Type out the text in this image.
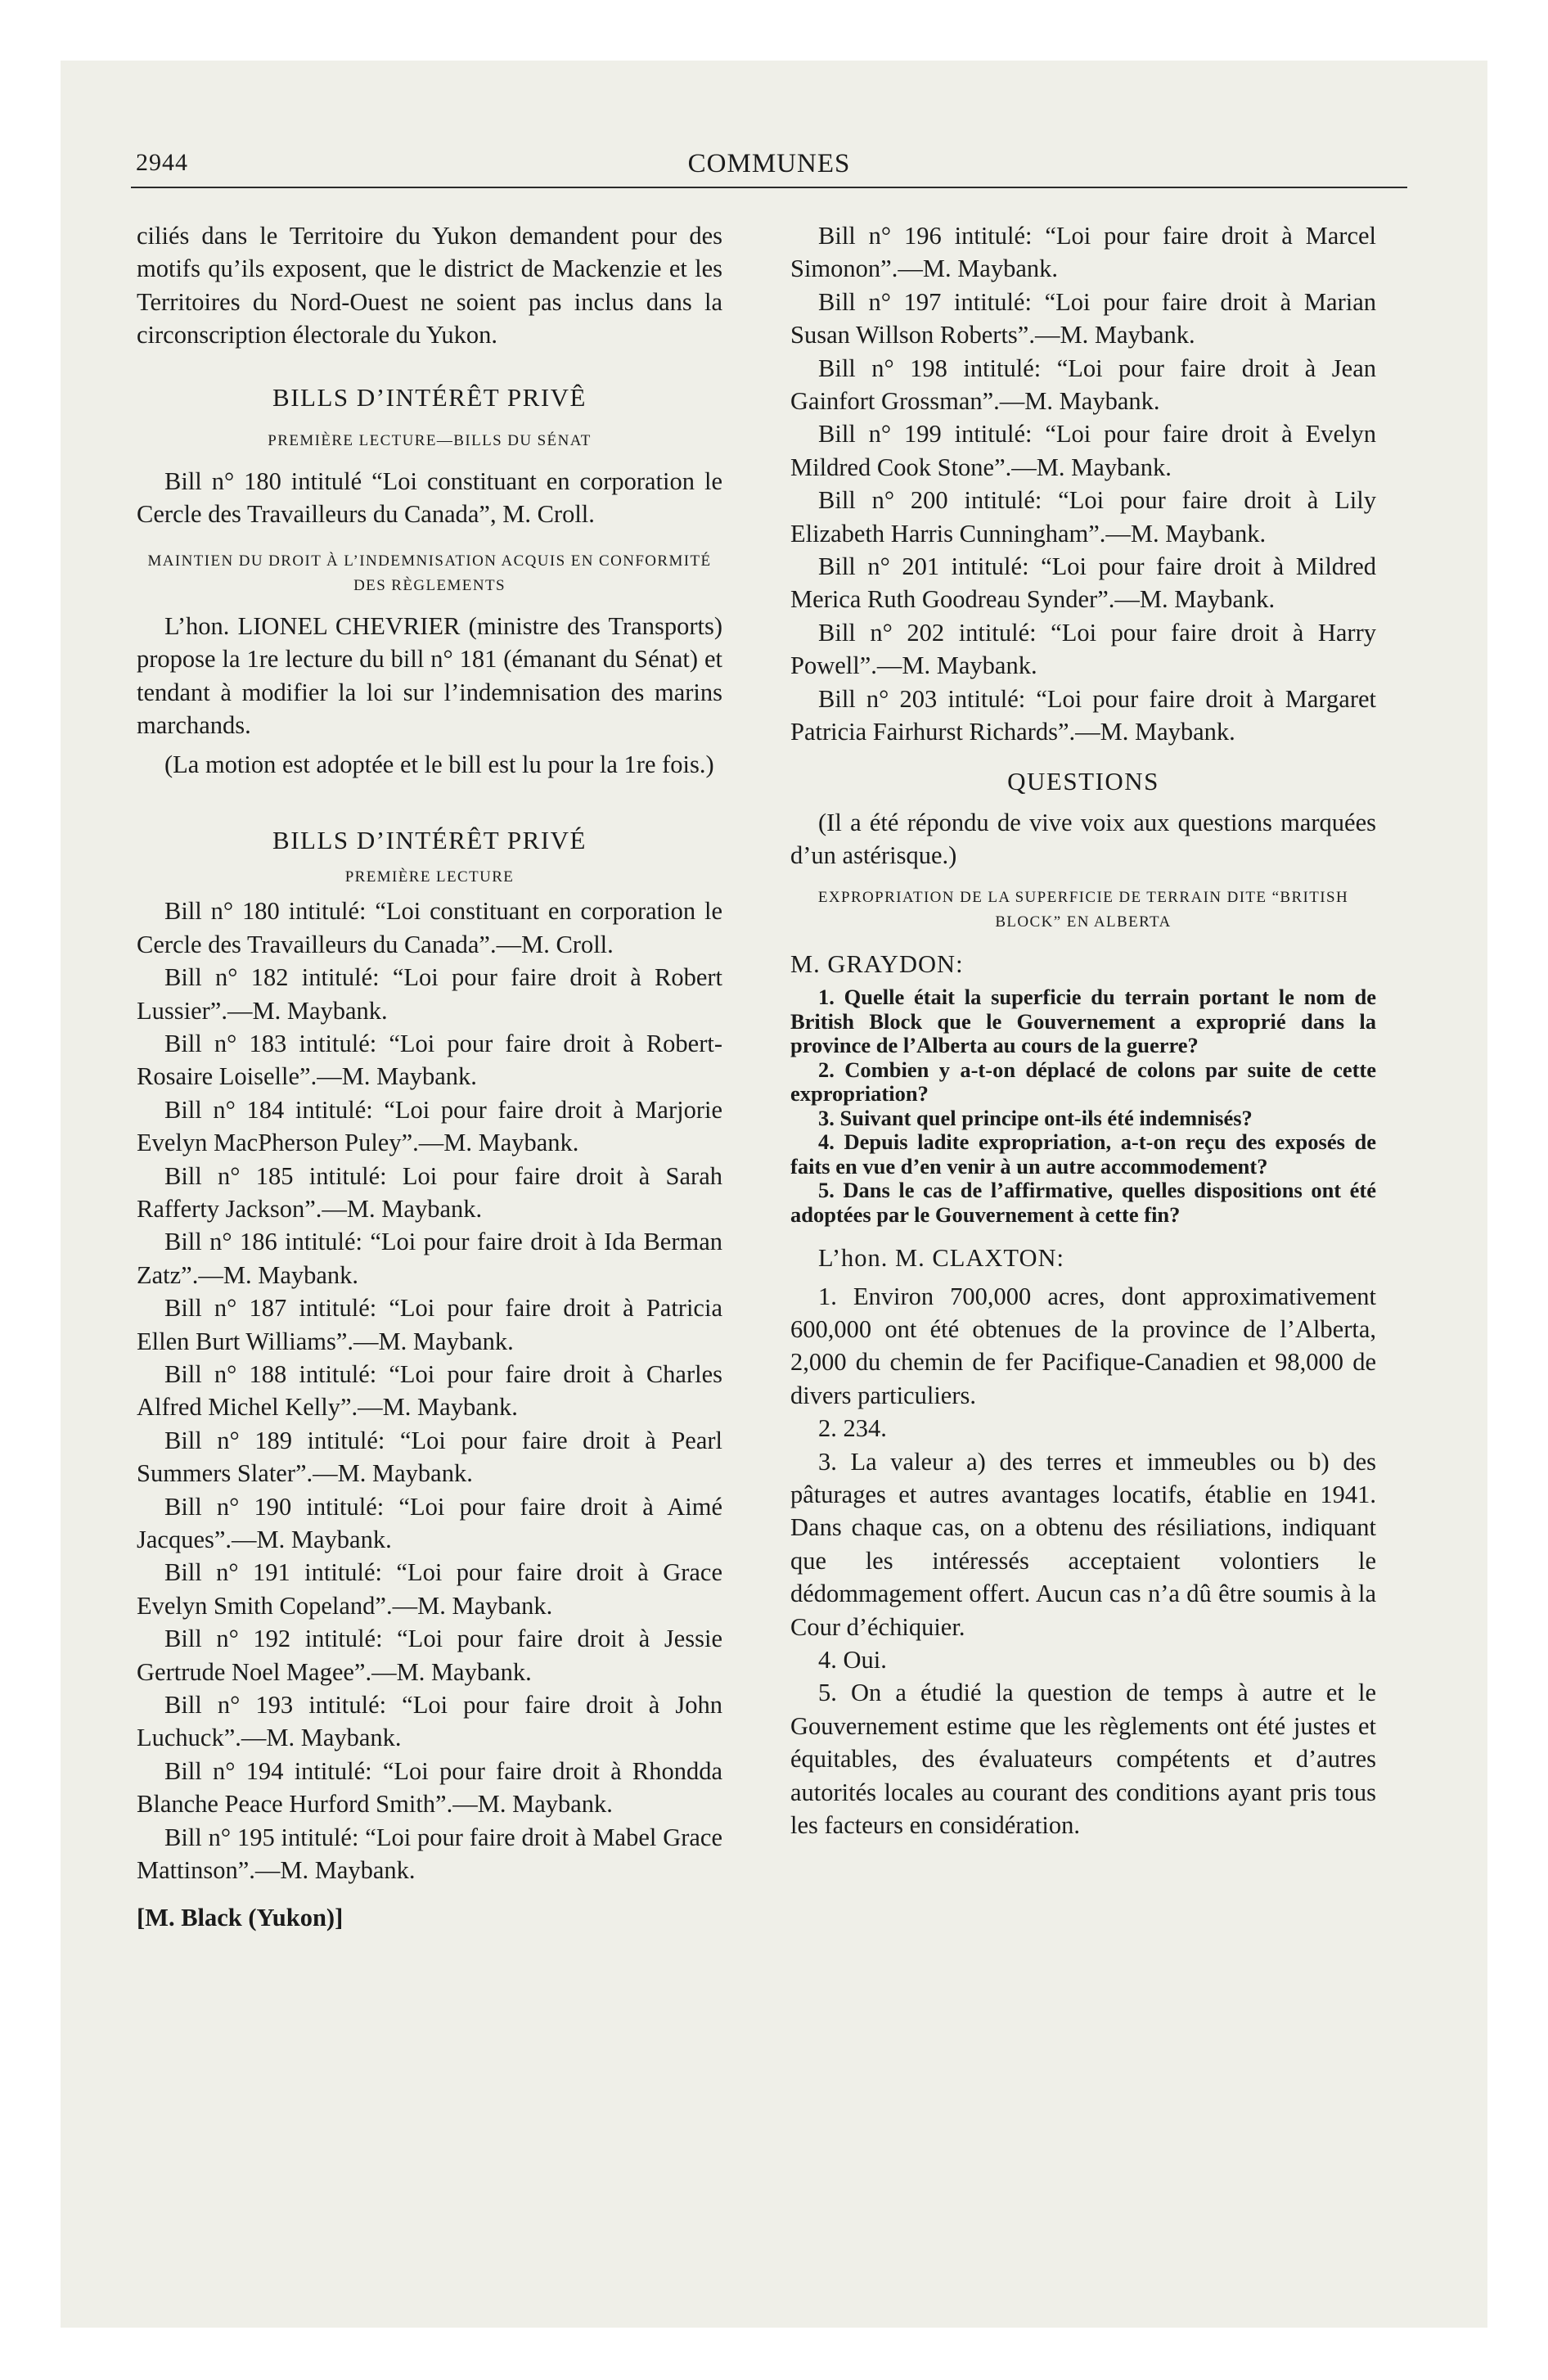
2944	COMMUNES

ciliés dans le Territoire du Yukon demandent pour des motifs qu’ils exposent, que le district de Mackenzie et les Territoires du Nord-Ouest ne soient pas inclus dans la circonscription électorale du Yukon.

BILLS D’INTÉRÊT PRIVÊ
PREMIÈRE LECTURE—BILLS DU SÉNAT

Bill n° 180 intitulé “Loi constituant en corporation le Cercle des Travailleurs du Canada”, M. Croll.

MAINTIEN DU DROIT À L’INDEMNISATION ACQUIS EN CONFORMITÉ DES RÈGLEMENTS

L’hon. LIONEL CHEVRIER (ministre des Transports) propose la 1re lecture du bill n° 181 (émanant du Sénat) et tendant à modifier la loi sur l’indemnisation des marins marchands.

(La motion est adoptée et le bill est lu pour la 1re fois.)

BILLS D’INTÉRÊT PRIVÉ
PREMIÈRE LECTURE

Bill n° 180 intitulé: “Loi constituant en corporation le Cercle des Travailleurs du Canada”.—M. Croll.

Bill n° 182 intitulé: “Loi pour faire droit à Robert Lussier”.—M. Maybank.

Bill n° 183 intitulé: “Loi pour faire droit à Robert-Rosaire Loiselle”.—M. Maybank.

Bill n° 184 intitulé: “Loi pour faire droit à Marjorie Evelyn MacPherson Puley”.—M. Maybank.

Bill n° 185 intitulé: Loi pour faire droit à Sarah Rafferty Jackson”.—M. Maybank.

Bill n° 186 intitulé: “Loi pour faire droit à Ida Berman Zatz”.—M. Maybank.

Bill n° 187 intitulé: “Loi pour faire droit à Patricia Ellen Burt Williams”.—M. Maybank.

Bill n° 188 intitulé: “Loi pour faire droit à Charles Alfred Michel Kelly”.—M. Maybank.

Bill n° 189 intitulé: “Loi pour faire droit à Pearl Summers Slater”.—M. Maybank.

Bill n° 190 intitulé: “Loi pour faire droit à Aimé Jacques”.—M. Maybank.

Bill n° 191 intitulé: “Loi pour faire droit à Grace Evelyn Smith Copeland”.—M. Maybank.

Bill n° 192 intitulé: “Loi pour faire droit à Jessie Gertrude Noel Magee”.—M. Maybank.

Bill n° 193 intitulé: “Loi pour faire droit à John Luchuck”.—M. Maybank.

Bill n° 194 intitulé: “Loi pour faire droit à Rhondda Blanche Peace Hurford Smith”.—M. Maybank.

Bill n° 195 intitulé: “Loi pour faire droit à Mabel Grace Mattinson”.—M. Maybank.

[M. Black (Yukon)]

Bill n° 196 intitulé: “Loi pour faire droit à Marcel Simonon”.—M. Maybank.

Bill n° 197 intitulé: “Loi pour faire droit à Marian Susan Willson Roberts”.—M. Maybank.

Bill n° 198 intitulé: “Loi pour faire droit à Jean Gainfort Grossman”.—M. Maybank.

Bill n° 199 intitulé: “Loi pour faire droit à Evelyn Mildred Cook Stone”.—M. Maybank.

Bill n° 200 intitulé: “Loi pour faire droit à Lily Elizabeth Harris Cunningham”.—M. Maybank.

Bill n° 201 intitulé: “Loi pour faire droit à Mildred Merica Ruth Goodreau Synder”.—M. Maybank.

Bill n° 202 intitulé: “Loi pour faire droit à Harry Powell”.—M. Maybank.

Bill n° 203 intitulé: “Loi pour faire droit à Margaret Patricia Fairhurst Richards”.—M. Maybank.

QUESTIONS

(Il a été répondu de vive voix aux questions marquées d’un astérisque.)

EXPROPRIATION DE LA SUPERFICIE DE TERRAIN DITE “BRITISH BLOCK” EN ALBERTA
M. GRAYDON:

1. Quelle était la superficie du terrain portant le nom de British Block que le Gouvernement a exproprié dans la province de l’Alberta au cours de la guerre?

2. Combien y a-t-on déplacé de colons par suite de cette expropriation?

3. Suivant quel principe ont-ils été indemnisés?

4. Depuis ladite expropriation, a-t-on reçu des exposés de faits en vue d’en venir à un autre accommodement?

5. Dans le cas de l’affirmative, quelles dispositions ont été adoptées par le Gouvernement à cette fin?

L’hon. M. CLAXTON:

1. Environ 700,000 acres, dont approximativement 600,000 ont été obtenues de la province de l’Alberta, 2,000 du chemin de fer Pacifique-Canadien et 98,000 de divers particuliers.

2. 234.

3. La valeur a) des terres et immeubles ou b) des pâturages et autres avantages locatifs, établie en 1941. Dans chaque cas, on a obtenu des résiliations, indiquant que les intéressés acceptaient volontiers le dédommagement offert. Aucun cas n’a dû être soumis à la Cour d’échiquier.

4. Oui.

5. On a étudié la question de temps à autre et le Gouvernement estime que les règlements ont été justes et équitables, des évaluateurs compétents et d’autres autorités locales au courant des conditions ayant pris tous les facteurs en considération.
